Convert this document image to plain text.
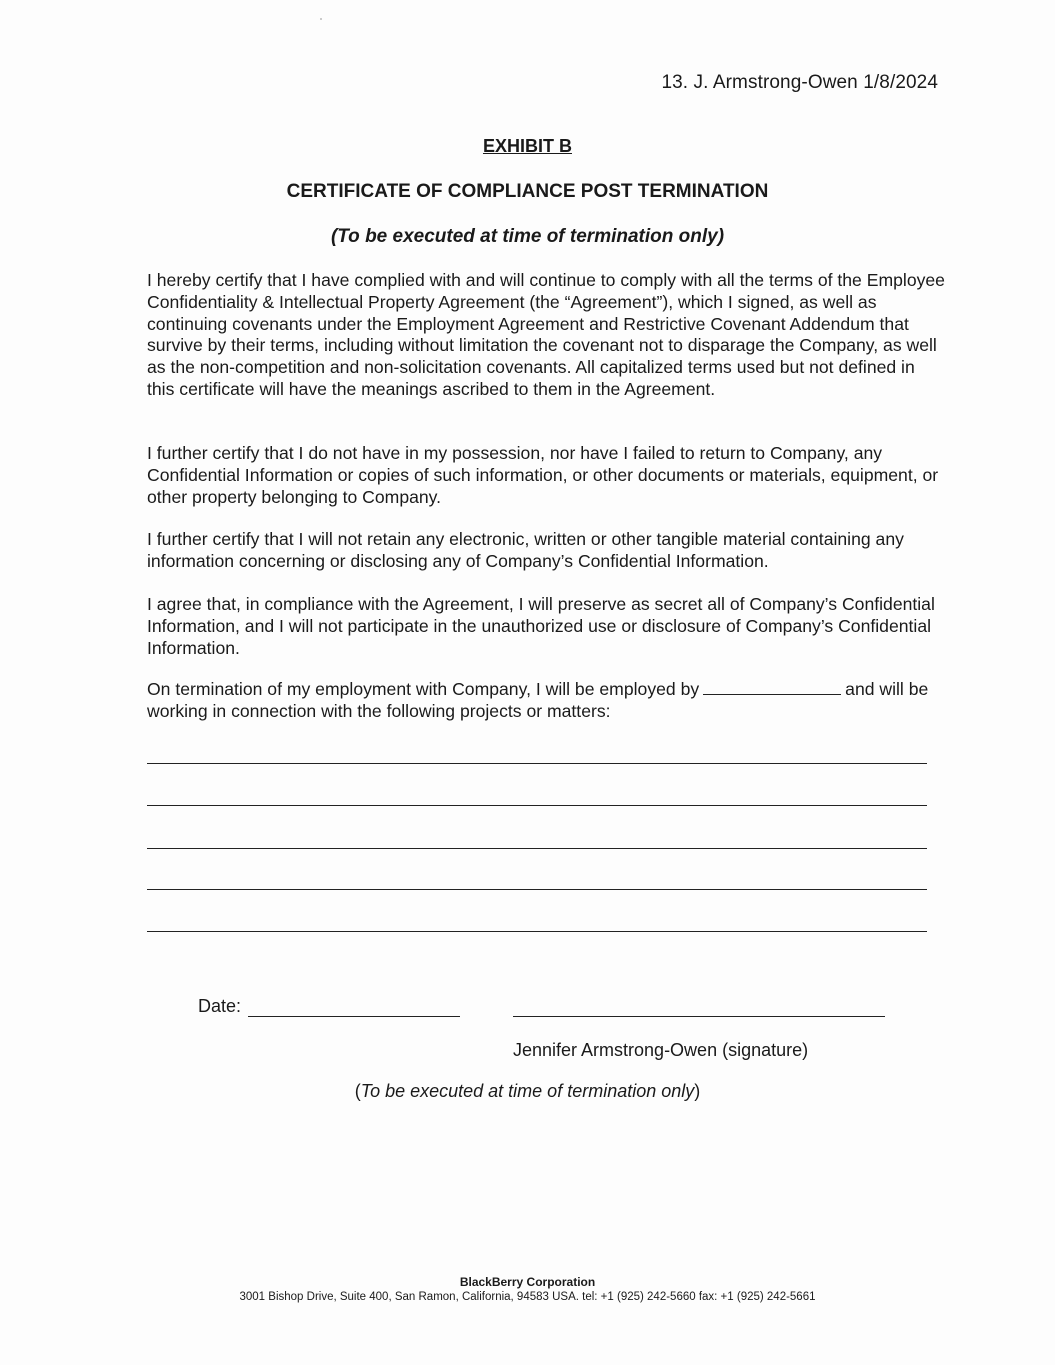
13. J. Armstrong-Owen 1/8/2024
EXHIBIT B
CERTIFICATE OF COMPLIANCE POST TERMINATION
(To be executed at time of termination only)

I hereby certify that I have complied with and will continue to comply with all the terms of the Employee Confidentiality & Intellectual Property Agreement (the “Agreement”), which I signed, as well as continuing covenants under the Employment Agreement and Restrictive Covenant Addendum that survive by their terms, including without limitation the covenant not to disparage the Company, as well as the non-competition and non-solicitation covenants. All capitalized terms used but not defined in this certificate will have the meanings ascribed to them in the Agreement.

I further certify that I do not have in my possession, nor have I failed to return to Company, any Confidential Information or copies of such information, or other documents or materials, equipment, or other property belonging to Company.

I further certify that I will not retain any electronic, written or other tangible material containing any information concerning or disclosing any of Company’s Confidential Information.

I agree that, in compliance with the Agreement, I will preserve as secret all of Company’s Confidential Information, and I will not participate in the unauthorized use or disclosure of Company’s Confidential Information.

On termination of my employment with Company, I will be employed by	and will be working in connection with the following projects or matters:

Date:
Jennifer Armstrong-Owen (signature)
(To be executed at time of termination only)
BlackBerry Corporation
3001 Bishop Drive, Suite 400, San Ramon, California, 94583 USA. tel: +1 (925) 242-5660 fax: +1 (925) 242-5661
